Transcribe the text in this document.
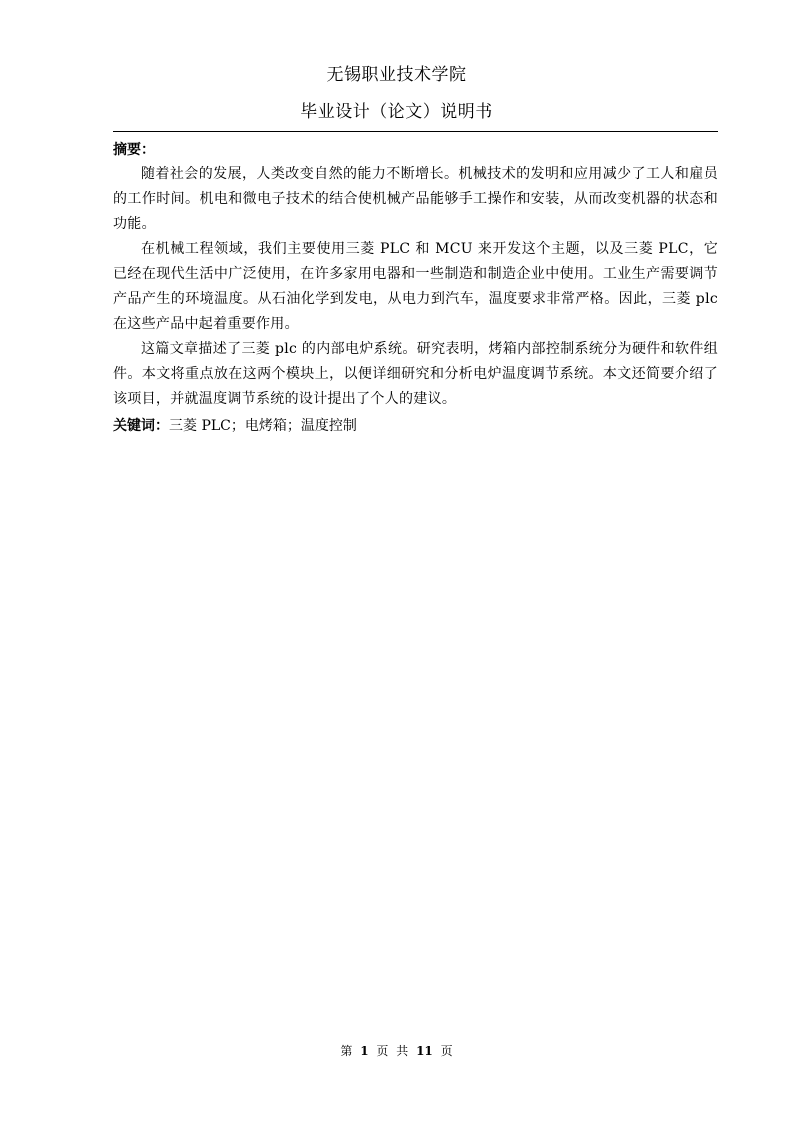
无锡职业技术学院
毕业设计（论文）说明书
摘要：

随着社会的发展，人类改变自然的能力不断增长。机械技术的发明和应用减少了工人和雇员的工作时间。机电和微电子技术的结合使机械产品能够手工操作和安装，从而改变机器的状态和功能。

在机械工程领域，我们主要使用三菱 PLC 和 MCU 来开发这个主题，以及三菱 PLC，它已经在现代生活中广泛使用，在许多家用电器和一些制造和制造企业中使用。工业生产需要调节产品产生的环境温度。从石油化学到发电，从电力到汽车，温度要求非常严格。因此，三菱 plc 在这些产品中起着重要作用。

这篇文章描述了三菱 plc 的内部电炉系统。研究表明，烤箱内部控制系统分为硬件和软件组件。本文将重点放在这两个模块上，以便详细研究和分析电炉温度调节系统。本文还简要介绍了该项目，并就温度调节系统的设计提出了个人的建议。

关键词：三菱 PLC；电烤箱；温度控制
第 1 页 共 11 页
